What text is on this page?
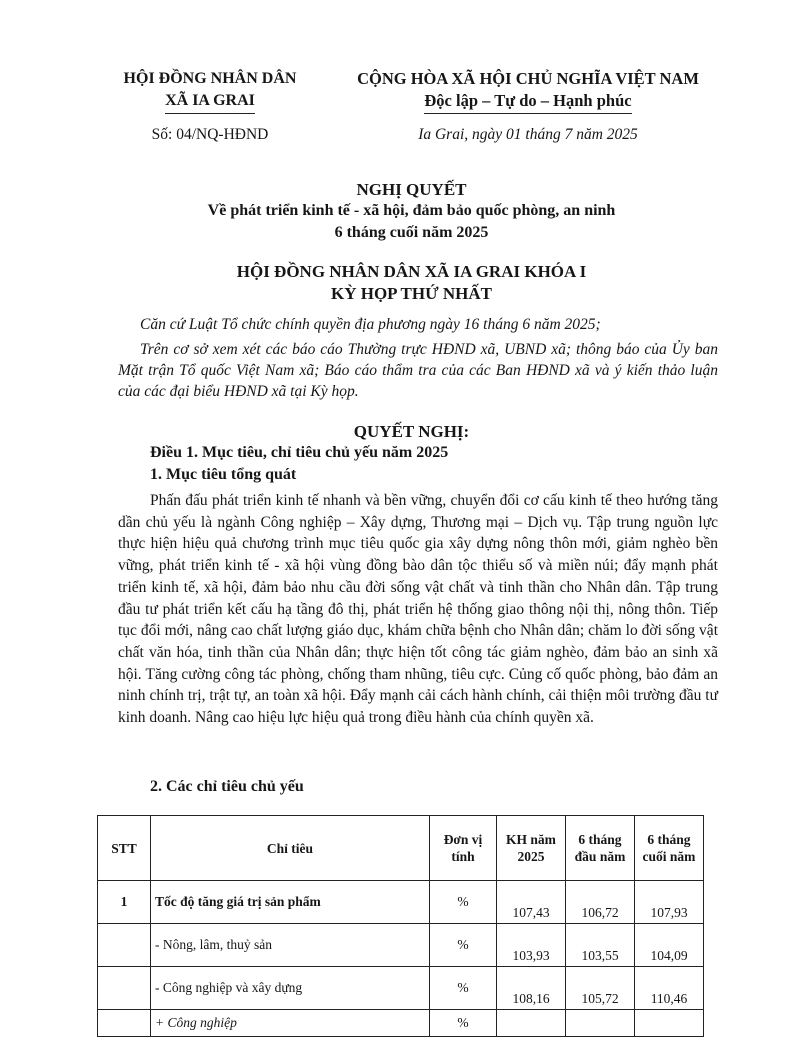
HỘI ĐỒNG NHÂN DÂN
XÃ IA GRAI
CỘNG HÒA XÃ HỘI CHỦ NGHĨA VIỆT NAM
Độc lập – Tự do – Hạnh phúc
Số: 04/NQ-HĐND	Ia Grai, ngày 01 tháng 7 năm 2025
NGHỊ QUYẾT
Về phát triển kinh tế - xã hội, đảm bảo quốc phòng, an ninh
6 tháng cuối năm 2025
HỘI ĐỒNG NHÂN DÂN XÃ IA GRAI KHÓA I
KỲ HỌP THỨ NHẤT
Căn cứ Luật Tổ chức chính quyền địa phương ngày 16 tháng 6 năm 2025;
Trên cơ sở xem xét các báo cáo Thường trực HĐND xã, UBND xã; thông báo của Ủy ban Mặt trận Tổ quốc Việt Nam xã; Báo cáo thẩm tra của các Ban HĐND xã và ý kiến thảo luận của các đại biểu HĐND xã tại Kỳ họp.
QUYẾT NGHỊ:
Điều 1. Mục tiêu, chỉ tiêu chủ yếu năm 2025
1. Mục tiêu tổng quát
Phấn đấu phát triển kinh tế nhanh và bền vững, chuyển đổi cơ cấu kinh tế theo hướng tăng dần chủ yếu là ngành Công nghiệp – Xây dựng, Thương mại – Dịch vụ. Tập trung nguồn lực thực hiện hiệu quả chương trình mục tiêu quốc gia xây dựng nông thôn mới, giảm nghèo bền vững, phát triển kinh tế - xã hội vùng đồng bào dân tộc thiểu số và miền núi; đẩy mạnh phát triển kinh tế, xã hội, đảm bảo nhu cầu đời sống vật chất và tinh thần cho Nhân dân. Tập trung đầu tư phát triển kết cấu hạ tầng đô thị, phát triển hệ thống giao thông nội thị, nông thôn. Tiếp tục đổi mới, nâng cao chất lượng giáo dục, khám chữa bệnh cho Nhân dân; chăm lo đời sống vật chất văn hóa, tinh thần của Nhân dân; thực hiện tốt công tác giảm nghèo, đảm bảo an sinh xã hội. Tăng cường công tác phòng, chống tham nhũng, tiêu cực. Củng cố quốc phòng, bảo đảm an ninh chính trị, trật tự, an toàn xã hội. Đẩy mạnh cải cách hành chính, cải thiện môi trường đầu tư kinh doanh. Nâng cao hiệu lực hiệu quả trong điều hành của chính quyền xã.
2. Các chỉ tiêu chủ yếu
STT	Chỉ tiêu	Đơn vị tính	KH năm 2025	6 tháng đầu năm	6 tháng cuối năm
1	Tốc độ tăng giá trị sản phẩm	%	107,43	106,72	107,93
	- Nông, lâm, thuỷ sản	%	103,93	103,55	104,09
	- Công nghiệp và xây dựng	%	108,16	105,72	110,46
	+ Công nghiệp	%			
